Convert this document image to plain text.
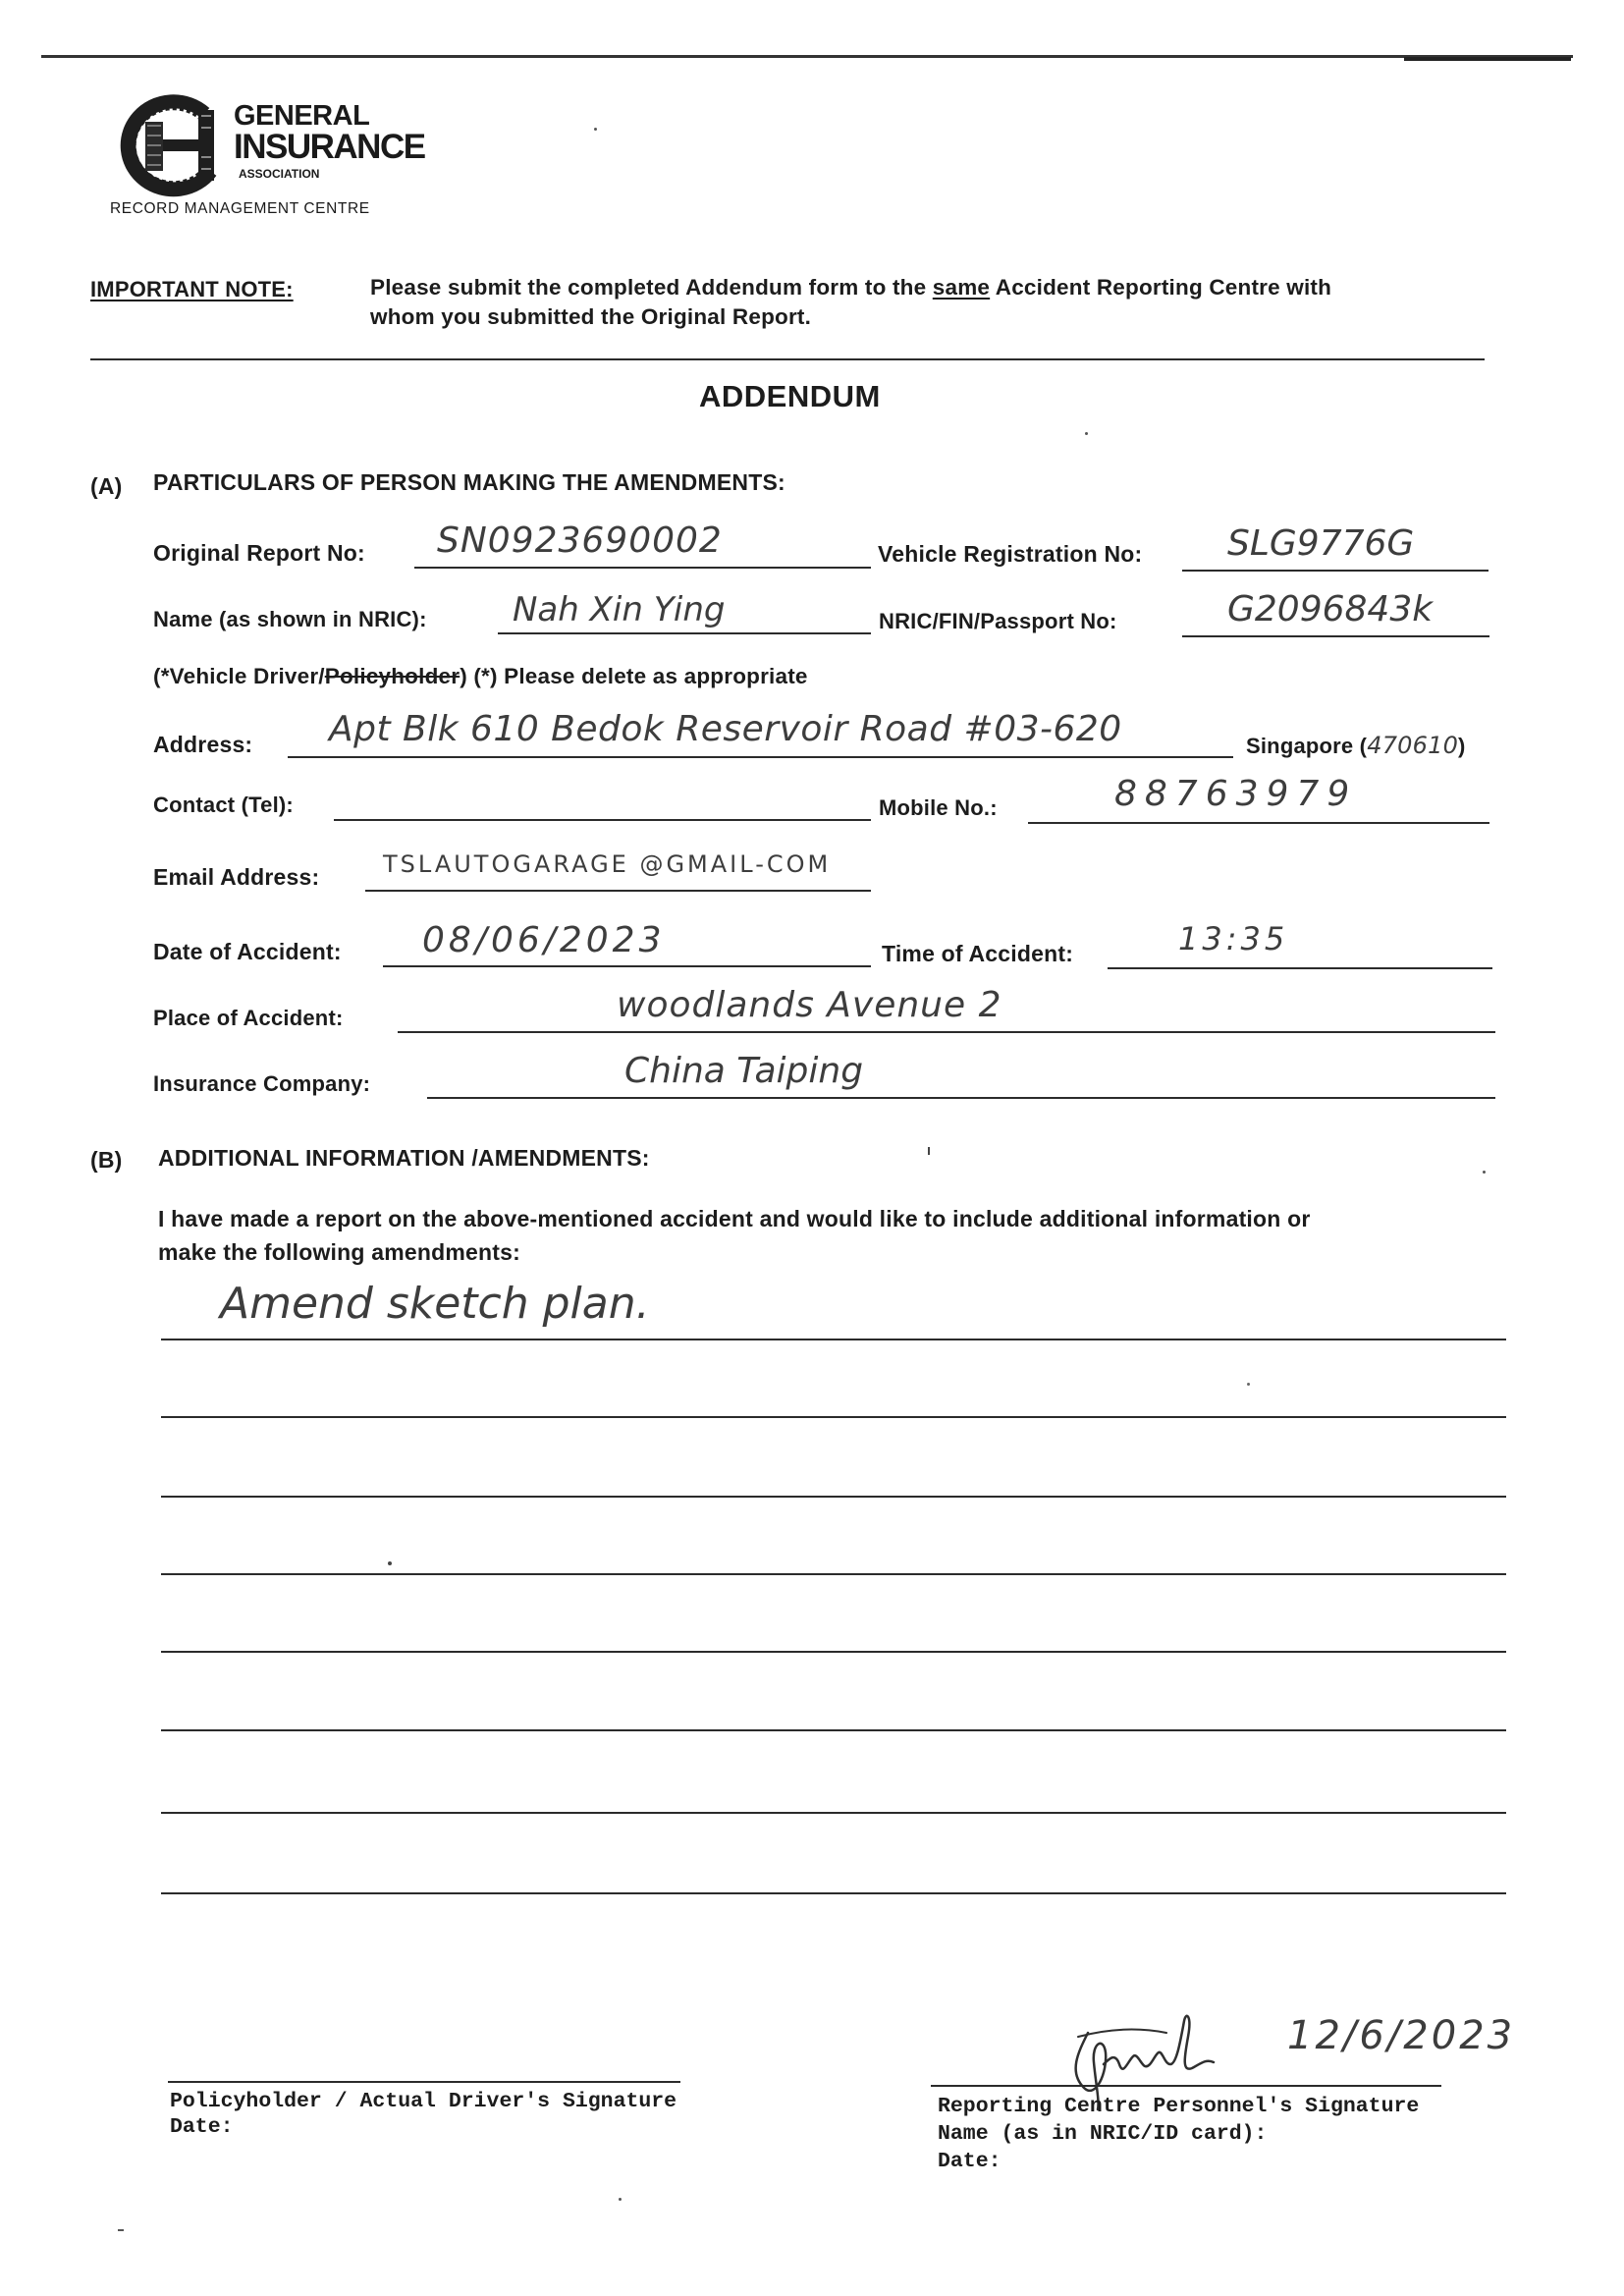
GENERAL
INSURANCE
ASSOCIATION
RECORD MANAGEMENT CENTRE
IMPORTANT NOTE:	Please submit the completed Addendum form to the same Accident Reporting Centre with
whom you submitted the Original Report.
ADDENDUM
(A) PARTICULARS OF PERSON MAKING THE AMENDMENTS:
Original Report No: SN0923690002	Vehicle Registration No: SLG9776G
Name (as shown in NRIC):	Nah Xin Ying	NRIC/FIN/Passport No:	G2096843k
(*Vehicle Driver/Policyholder) (*) Please delete as appropriate
Address: Apt Blk 610 Bedok Reservoir Road #03-620	Singapore (470610)
Contact (Tel):	Mobile No.:	88763979
Email Address:	TSLAUTOGARAGE @GMAIL-COM
Date of Accident: 08/06/2023	Time of Accident:	13:35
Place of Accident:	woodlands Avenue 2
Insurance Company:	China Taiping
(B) ADDITIONAL INFORMATION /AMENDMENTS:
I have made a report on the above-mentioned accident and would like to include additional information or
make the following amendments:
Amend sketch plan.
Policyholder / Actual Driver's Signature
Date:
12/6/2023
Reporting Centre Personnel's Signature
Name (as in NRIC/ID card):
Date:
